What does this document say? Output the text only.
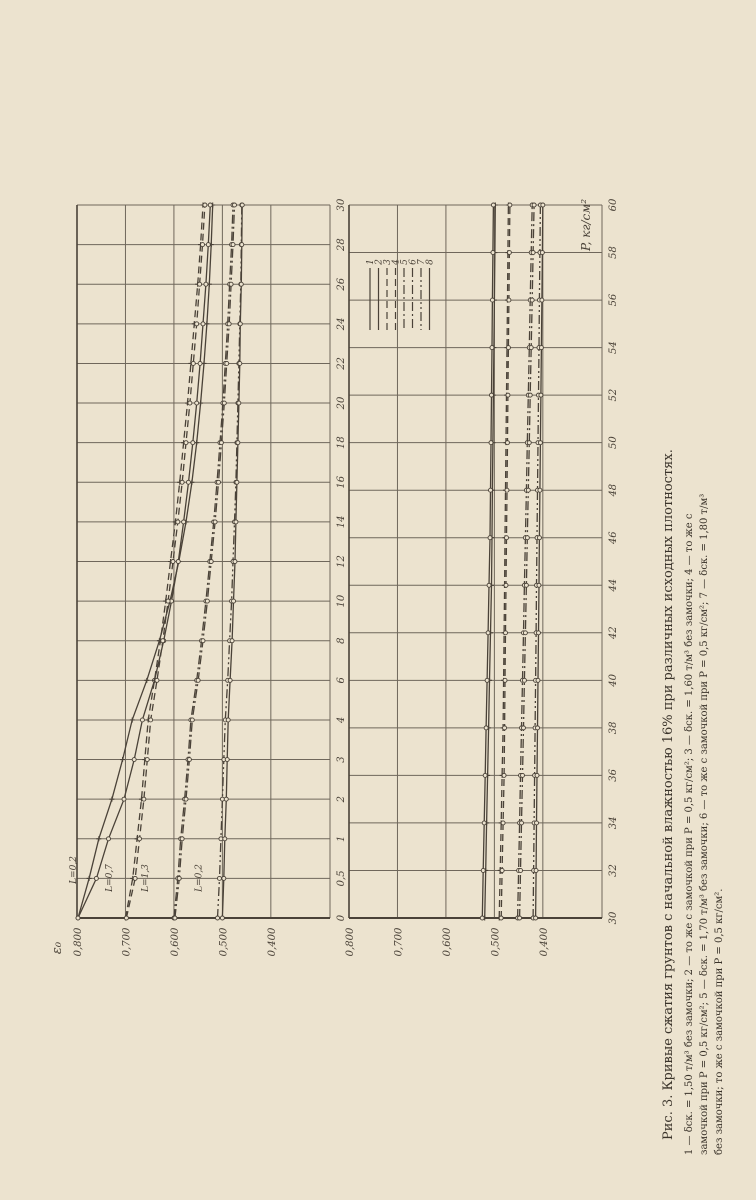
0
0,5
1
2
3
4
6
8
10
12
14
16
18
20
22
24
26
28
30
0,800	0,700	0,600	0,500	0,400
ε₀
L=0,2	L=0,7	L=1,3	L=0,2
30
32
34
36
38
40
42
44
46
48
50
52
54
56
58
60
0,800	0,700	0,600	0,500	0,400
P, кг/см²
1
2
3
4
5
6
7
8
Рис. 3. Кривые сжатия грунтов с начальной влажностью 16% при различных исходных плотностях. 1 — δск. = 1,50 т/м³ без замочки; 2 — то же с замочкой при Р = 0,5 кг/см²; 3 — δск. = 1,60 т/м³ без замочки; 4 — то же с замочкой при Р = 0,5 кг/см²; 5 — δск. = 1,70 т/м³ без замочки; 6 — то же с замочкой при Р = 0,5 кг/см²; 7 — δск. = 1,80 т/м³ без замочки; то же с замочкой при Р = 0,5 кг/см².
